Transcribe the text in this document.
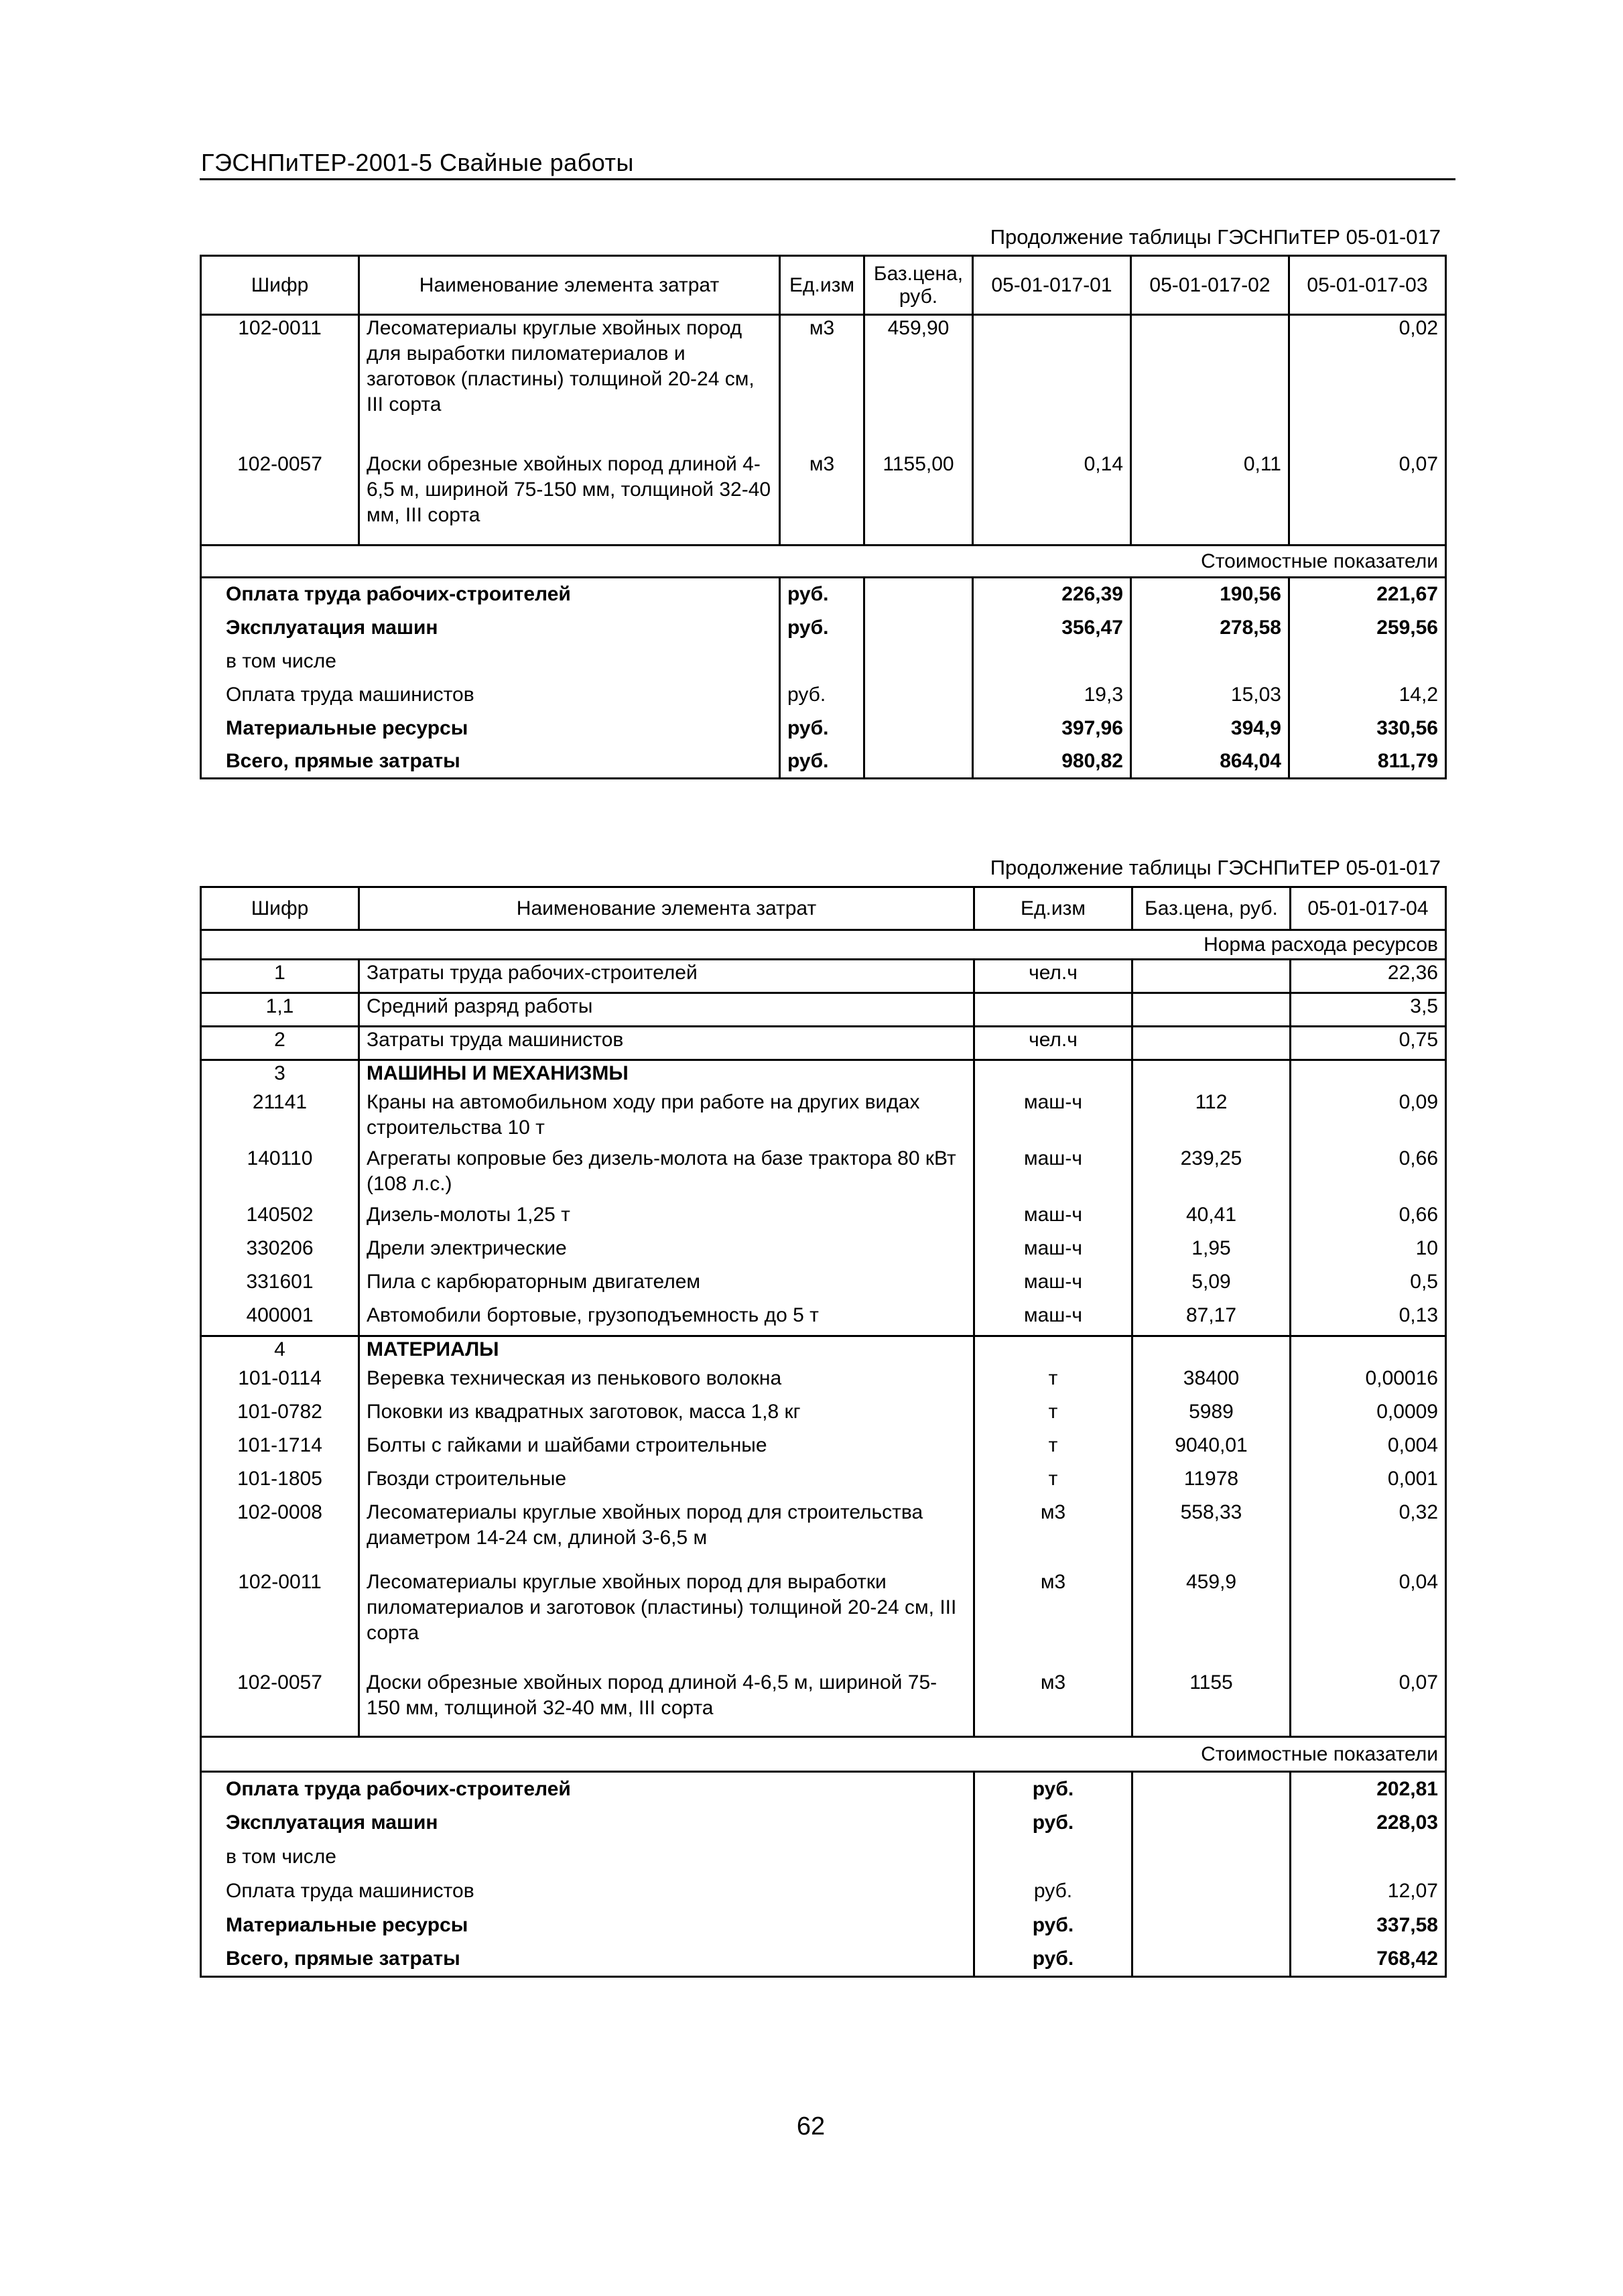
ГЭСНПиТЕР-2001-5 Свайные работы
Продолжение таблицы ГЭСНПиТЕР 05-01-017
Шифр	Наименование элемента затрат	Ед.изм	Баз.цена, руб.	05-01-017-01	05-01-017-02	05-01-017-03
102-0011	Лесоматериалы круглые хвойных пород для выработки пиломатериалов и заготовок (пластины) толщиной 20-24 см, III сорта	м3	459,90			0,02
102-0057	Доски обрезные хвойных пород длиной 4-6,5 м, шириной 75-150 мм, толщиной 32-40 мм, III сорта	м3	1155,00	0,14	0,11	0,07
Стоимостные показатели						
Оплата труда рабочих-строителей		руб.		226,39	190,56	221,67
Эксплуатация машин		руб.		356,47	278,58	259,56
в том числе						
Оплата труда машинистов		руб.		19,3	15,03	14,2
Материальные ресурсы		руб.		397,96	394,9	330,56
Всего, прямые затраты		руб.		980,82	864,04	811,79
Продолжение таблицы ГЭСНПиТЕР 05-01-017
Шифр	Наименование элемента затрат	Ед.изм	Баз.цена, руб.	05-01-017-04
Норма расхода ресурсов				
1	Затраты труда рабочих-строителей	чел.ч		22,36
1,1	Средний разряд работы			3,5
2	Затраты труда машинистов	чел.ч		0,75
3	МАШИНЫ И МЕХАНИЗМЫ			
21141	Краны на автомобильном ходу при работе на других видах строительства 10 т	маш-ч	112	0,09
140110	Агрегаты копровые без дизель-молота на базе трактора 80 кВт (108 л.с.)	маш-ч	239,25	0,66
140502	Дизель-молоты 1,25 т	маш-ч	40,41	0,66
330206	Дрели электрические	маш-ч	1,95	10
331601	Пила с карбюраторным двигателем	маш-ч	5,09	0,5
400001	Автомобили бортовые, грузоподъемность до 5 т	маш-ч	87,17	0,13
4	МАТЕРИАЛЫ			
101-0114	Веревка техническая из пенькового волокна	т	38400	0,00016
101-0782	Поковки из квадратных заготовок, масса 1,8 кг	т	5989	0,0009
101-1714	Болты с гайками и шайбами строительные	т	9040,01	0,004
101-1805	Гвозди строительные	т	11978	0,001
102-0008	Лесоматериалы круглые хвойных пород для строительства диаметром 14-24 см, длиной 3-6,5 м	м3	558,33	0,32
102-0011	Лесоматериалы круглые хвойных пород для выработки пиломатериалов и заготовок (пластины) толщиной 20-24 см, III сорта	м3	459,9	0,04
102-0057	Доски обрезные хвойных пород длиной 4-6,5 м, шириной 75-150 мм, толщиной 32-40 мм, III сорта	м3	1155	0,07
Стоимостные показатели				
Оплата труда рабочих-строителей		руб.		202,81
Эксплуатация машин		руб.		228,03
в том числе				
Оплата труда машинистов		руб.		12,07
Материальные ресурсы		руб.		337,58
Всего, прямые затраты		руб.		768,42
62
